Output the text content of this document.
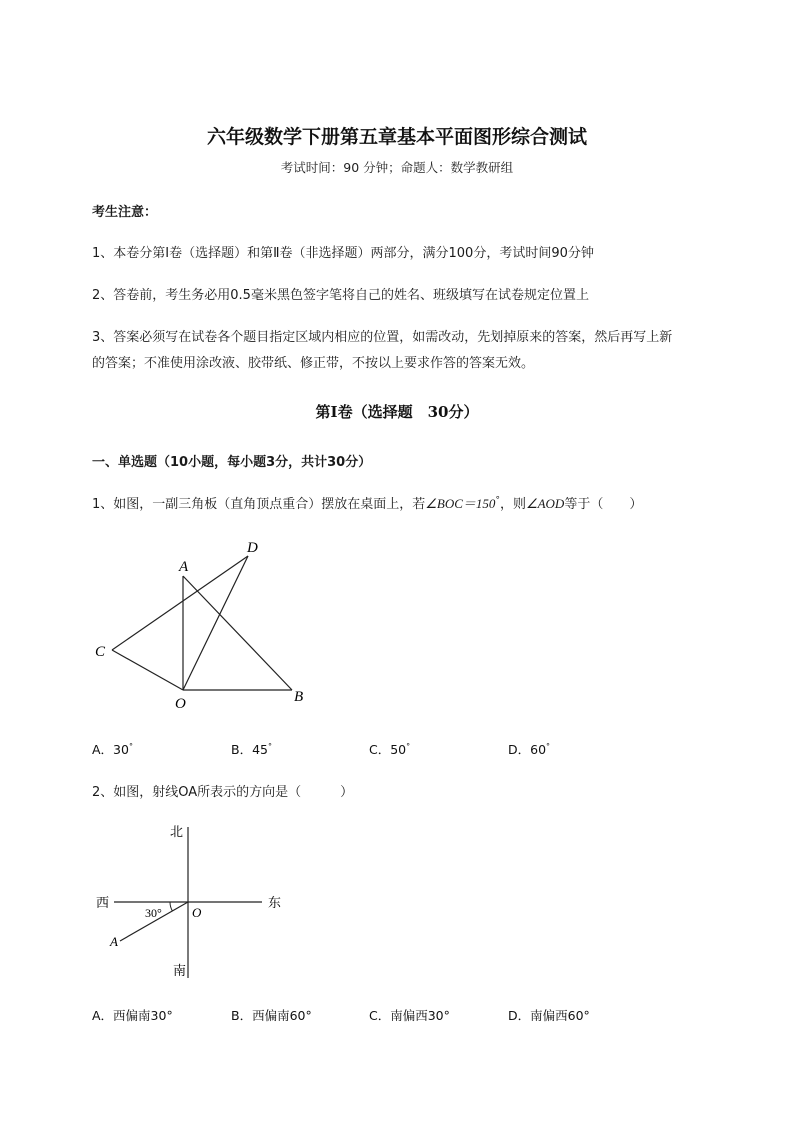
六年级数学下册第五章基本平面图形综合测试
考试时间：90 分钟；命题人：数学教研组
考生注意：
1、本卷分第Ⅰ卷（选择题）和第Ⅱ卷（非选择题）两部分，满分100分，考试时间90分钟
2、答卷前，考生务必用0.5毫米黑色签字笔将自己的姓名、班级填写在试卷规定位置上
3、答案必须写在试卷各个题目指定区域内相应的位置，如需改动，先划掉原来的答案，然后再写上新
的答案；不准使用涂改液、胶带纸、修正带，不按以上要求作答的答案无效。
第Ⅰ卷（选择题　30分）
一、单选题（10小题，每小题3分，共计30分）
1、如图，一副三角板（直角顶点重合）摆放在桌面上，若∠BOC＝150°，则∠AOD等于（　　）
A
D
C
O	B
北
南
西	东
O
A
30°
A．30°	B．45°	C．50°	D．60°
2、如图，射线OA所表示的方向是（　　　）
A．西偏南30°	B．西偏南60°	C．南偏西30°	D．南偏西60°
